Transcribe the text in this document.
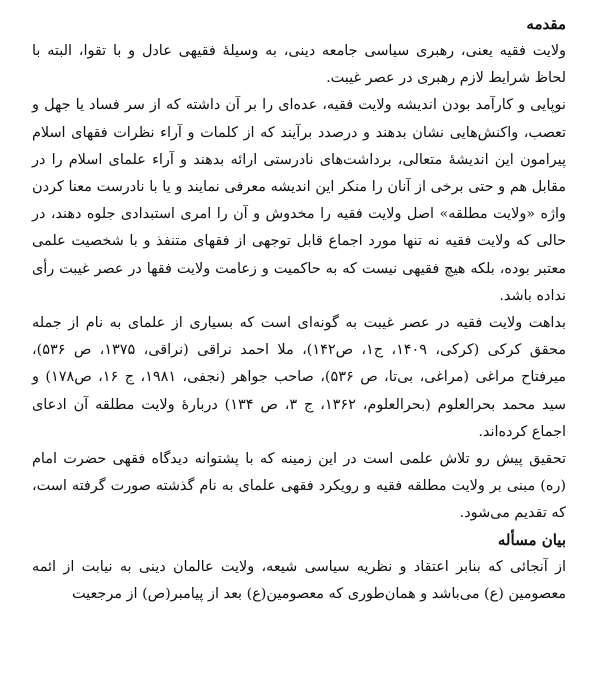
مقدمه

ولایت فقیه یعنی، رهبری سیاسی جامعه دینی، به وسیلهٔ فقیهی عادل و با تقوا، البته با لحاظ شرایط لازم رهبری در عصر غیبت.

نوپایی و کارآمد بودن اندیشه ولایت فقیه، عده‌ای را بر آن داشته که از سر فساد یا جهل و تعصب، واکنش‌هایی نشان بدهند و درصدد برآیند که از کلمات و آراء نظرات فقهای اسلام پیرامون این اندیشهٔ متعالی، برداشت‌های نادرستی ارائه بدهند و آراء علمای اسلام را در مقابل هم و حتی برخی از آنان را منکر این اندیشه معرفی نمایند و یا با نادرست معنا کردن واژه «ولایت مطلقه» اصل ولایت فقیه را مخدوش و آن را امری استبدادی جلوه دهند، در حالی که ولایت فقیه نه تنها مورد اجماع قابل توجهی از فقهای متنفذ و با شخصیت علمی معتبر بوده، بلکه هیچ فقیهی نیست که به حاکمیت و زعامت ولایت فقها در عصر غیبت رأی نداده باشد.

بداهت ولایت فقیه در عصر غیبت به گونه‌ای است که بسیاری از علمای به نام از جمله محقق کرکی (کرکی، ۱۴۰۹، ج۱، ص۱۴۲)، ملا احمد نراقی (نراقی، ۱۳۷۵، ص ۵۳۶)، میرفتاح مراغی (مراغی، بی‌تا، ص ۵۳۶)، صاحب جواهر (نجفی، ۱۹۸۱، ج ۱۶، ص۱۷۸) و سید محمد بحرالعلوم (بحرالعلوم، ۱۳۶۲، ج ۳، ص ۱۳۴) دربارهٔ ولایت مطلقه آن ادعای اجماع کرده‌اند.

تحقیق پیش رو تلاش علمی است در این زمینه که با پشتوانه دیدگاه فقهی حضرت امام (ره) مبنی بر ولایت مطلقه فقیه و رویکرد فقهی علمای به نام گذشته صورت گرفته است، که تقدیم می‌شود.

بیان مسأله

از آنجائی که بنابر اعتقاد و نظریه سیاسی شیعه، ولایت عالمان دینی به نیابت از ائمه معصومین (ع) می‌باشد و همان‌طوری که معصومین(ع) بعد از پیامبر(ص) از مرجعیت
